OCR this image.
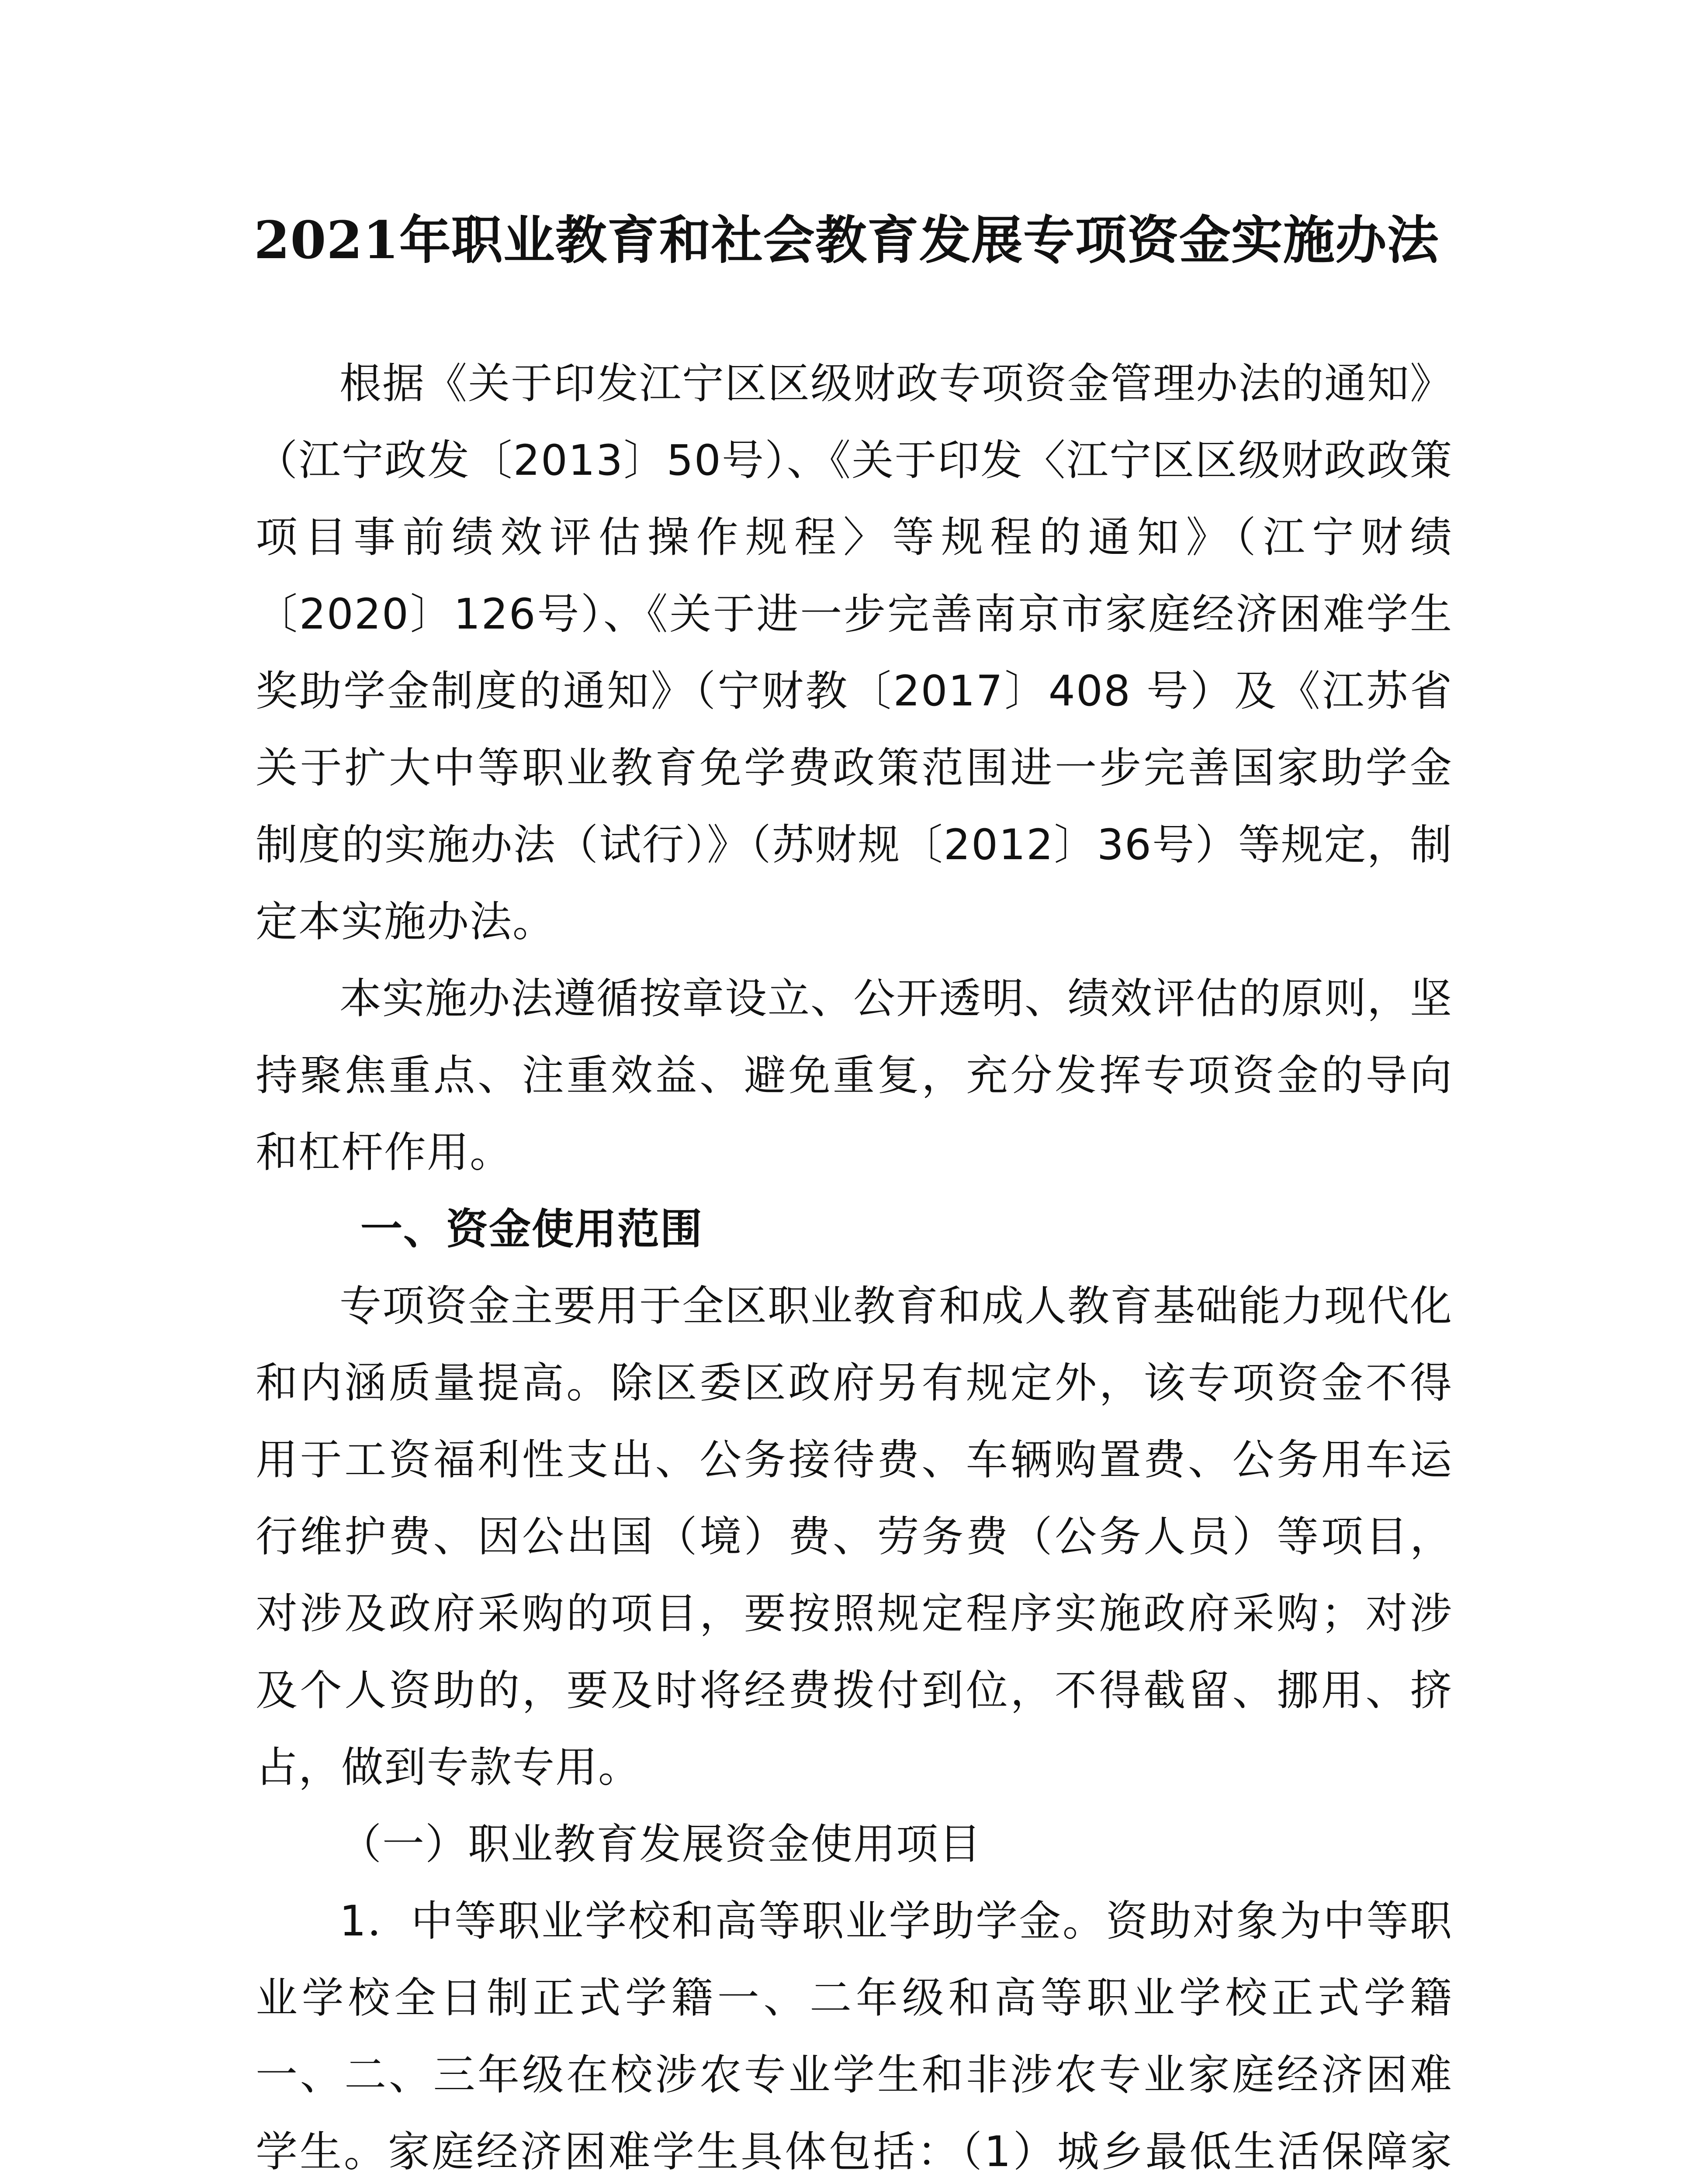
2021年职业教育和社会教育发展专项资金实施办法

根据《关于印发江宁区区级财政专项资金管理办法的通知》（江宁政发〔2013〕50号）、《关于印发〈江宁区区级财政政策项目事前绩效评估操作规程〉等规程的通知》（江宁财绩〔2020〕126号）、《关于进一步完善南京市家庭经济困难学生奖助学金制度的通知》（宁财教〔2017〕408 号）及《江苏省关于扩大中等职业教育免学费政策范围进一步完善国家助学金制度的实施办法（试行）》（苏财规〔2012〕36号）等规定，制定本实施办法。

本实施办法遵循按章设立、公开透明、绩效评估的原则，坚持聚焦重点、注重效益、避免重复，充分发挥专项资金的导向和杠杆作用。

一、资金使用范围

专项资金主要用于全区职业教育和成人教育基础能力现代化和内涵质量提高。除区委区政府另有规定外，该专项资金不得用于工资福利性支出、公务接待费、车辆购置费、公务用车运行维护费、因公出国（境）费、劳务费（公务人员）等项目，对涉及政府采购的项目，要按照规定程序实施政府采购；对涉及个人资助的，要及时将经费拨付到位，不得截留、挪用、挤占，做到专款专用。

（一）职业教育发展资金使用项目

1．中等职业学校和高等职业学助学金。资助对象为中等职业学校全日制正式学籍一、二年级和高等职业学校正式学籍一、二、三年级在校涉农专业学生和非涉农专业家庭经济困难学生。家庭经济困难学生具体包括：（1）城乡最低生活保障家
